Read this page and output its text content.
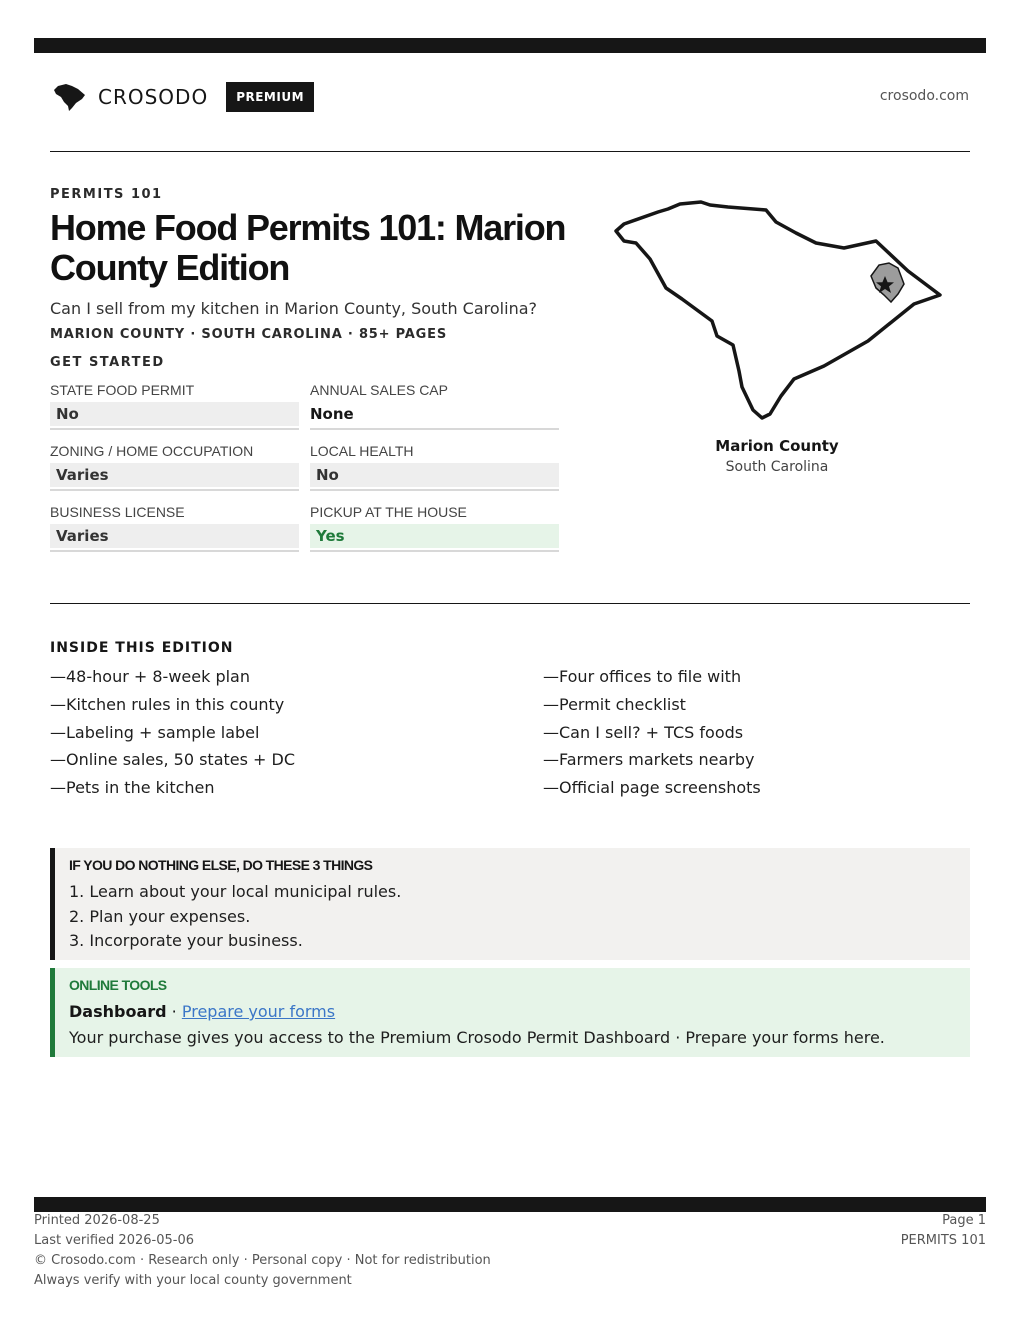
CROSODO	PREMIUM	crosodo.com
PERMITS 101
Home Food Permits 101: Marion County Edition
Can I sell from my kitchen in Marion County, South Carolina?
MARION COUNTY · SOUTH CAROLINA · 85+ PAGES
GET STARTED
STATE FOOD PERMIT
No
ANNUAL SALES CAP
None
ZONING / HOME OCCUPATION
Varies
LOCAL HEALTH
No
BUSINESS LICENSE
Varies
PICKUP AT THE HOUSE
Yes
Marion County
South Carolina
INSIDE THIS EDITION
—48-hour + 8-week plan
—Kitchen rules in this county
—Labeling + sample label
—Online sales, 50 states + DC
—Pets in the kitchen
—Four offices to file with
—Permit checklist
—Can I sell? + TCS foods
—Farmers markets nearby
—Official page screenshots
IF YOU DO NOTHING ELSE, DO THESE 3 THINGS
1. Learn about your local municipal rules.
2. Plan your expenses.
3. Incorporate your business.
ONLINE TOOLS
Dashboard · Prepare your forms
Your purchase gives you access to the Premium Crosodo Permit Dashboard · Prepare your forms here.
Printed 2026-08-25
Last verified 2026-05-06
© Crosodo.com · Research only · Personal copy · Not for redistribution
Always verify with your local county government
Page 1
PERMITS 101
